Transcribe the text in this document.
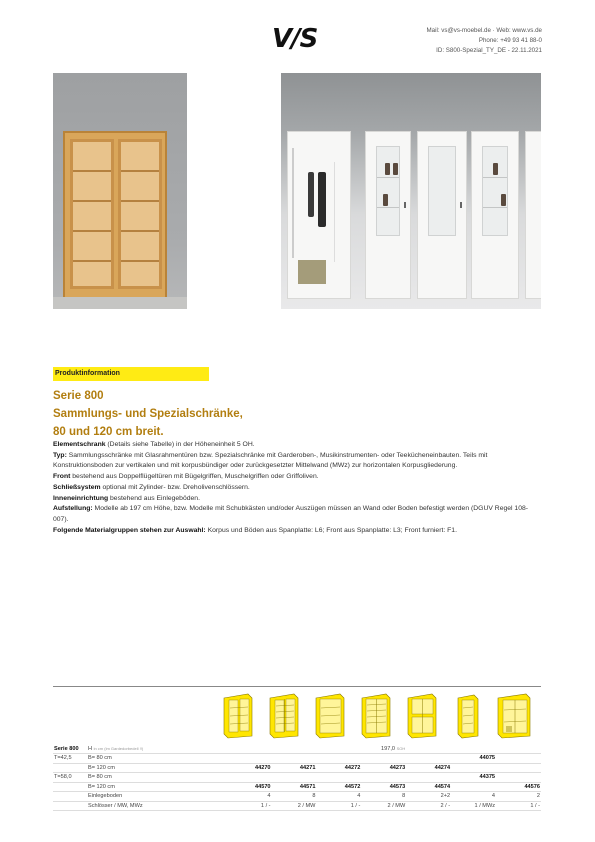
V/S	Mail: vs@vs-moebel.de · Web: www.vs.de
Phone: +49 93 41 88-0
ID: S800-Spezial_TY_DE - 22.11.2021
Produktinformation
Serie 800
Sammlungs- und Spezialschränke,
80 und 120 cm breit.
Elementschrank (Details siehe Tabelle) in der Höheneinheit 5 OH.
Typ: Sammlungsschränke mit Glasrahmentüren bzw. Spezialschränke mit Garderoben-, Musikinstrumenten- oder Teekücheneinbauten. Teils mit Konstruktionsboden zur vertikalen und mit korpusbündiger oder zurückgesetzter Mittelwand (MWz) zur horizontalen Korpusgliederung.
Front bestehend aus Doppelflügeltüren mit Bügelgriffen, Muschelgriffen oder Griffoliven.
Schließsystem optional mit Zylinder- bzw. Dreholivenschlössern.
Inneneinrichtung bestehend aus Einlegeböden.
Aufstellung: Modelle ab 197 cm Höhe, bzw. Modelle mit Schubkästen und/oder Auszügen müssen an Wand oder Boden befestigt werden (DGUV Regel 108-007).
Folgende Materialgruppen stehen zur Auswahl: Korpus und Böden aus Spanplatte: L6; Front aus Spanplatte: L3; Front furniert: F1.
Serie 800	H in cm (im Gardedorbedell !!)				197,0 SOH			
T=42,5	B= 80 cm						44075	
	B= 120 cm	44270	44271	44272	44273	44274		
T=58,0	B= 80 cm						44375	
	B= 120 cm	44570	44571	44572	44573	44574		44576
	Einlegeboden	4	8	4	8	2+2	4	2
	Schlösser / MW, MWz	1 / -	2 / MW	1 / -	2 / MW	2 / -	1 / MWz	1 / -
